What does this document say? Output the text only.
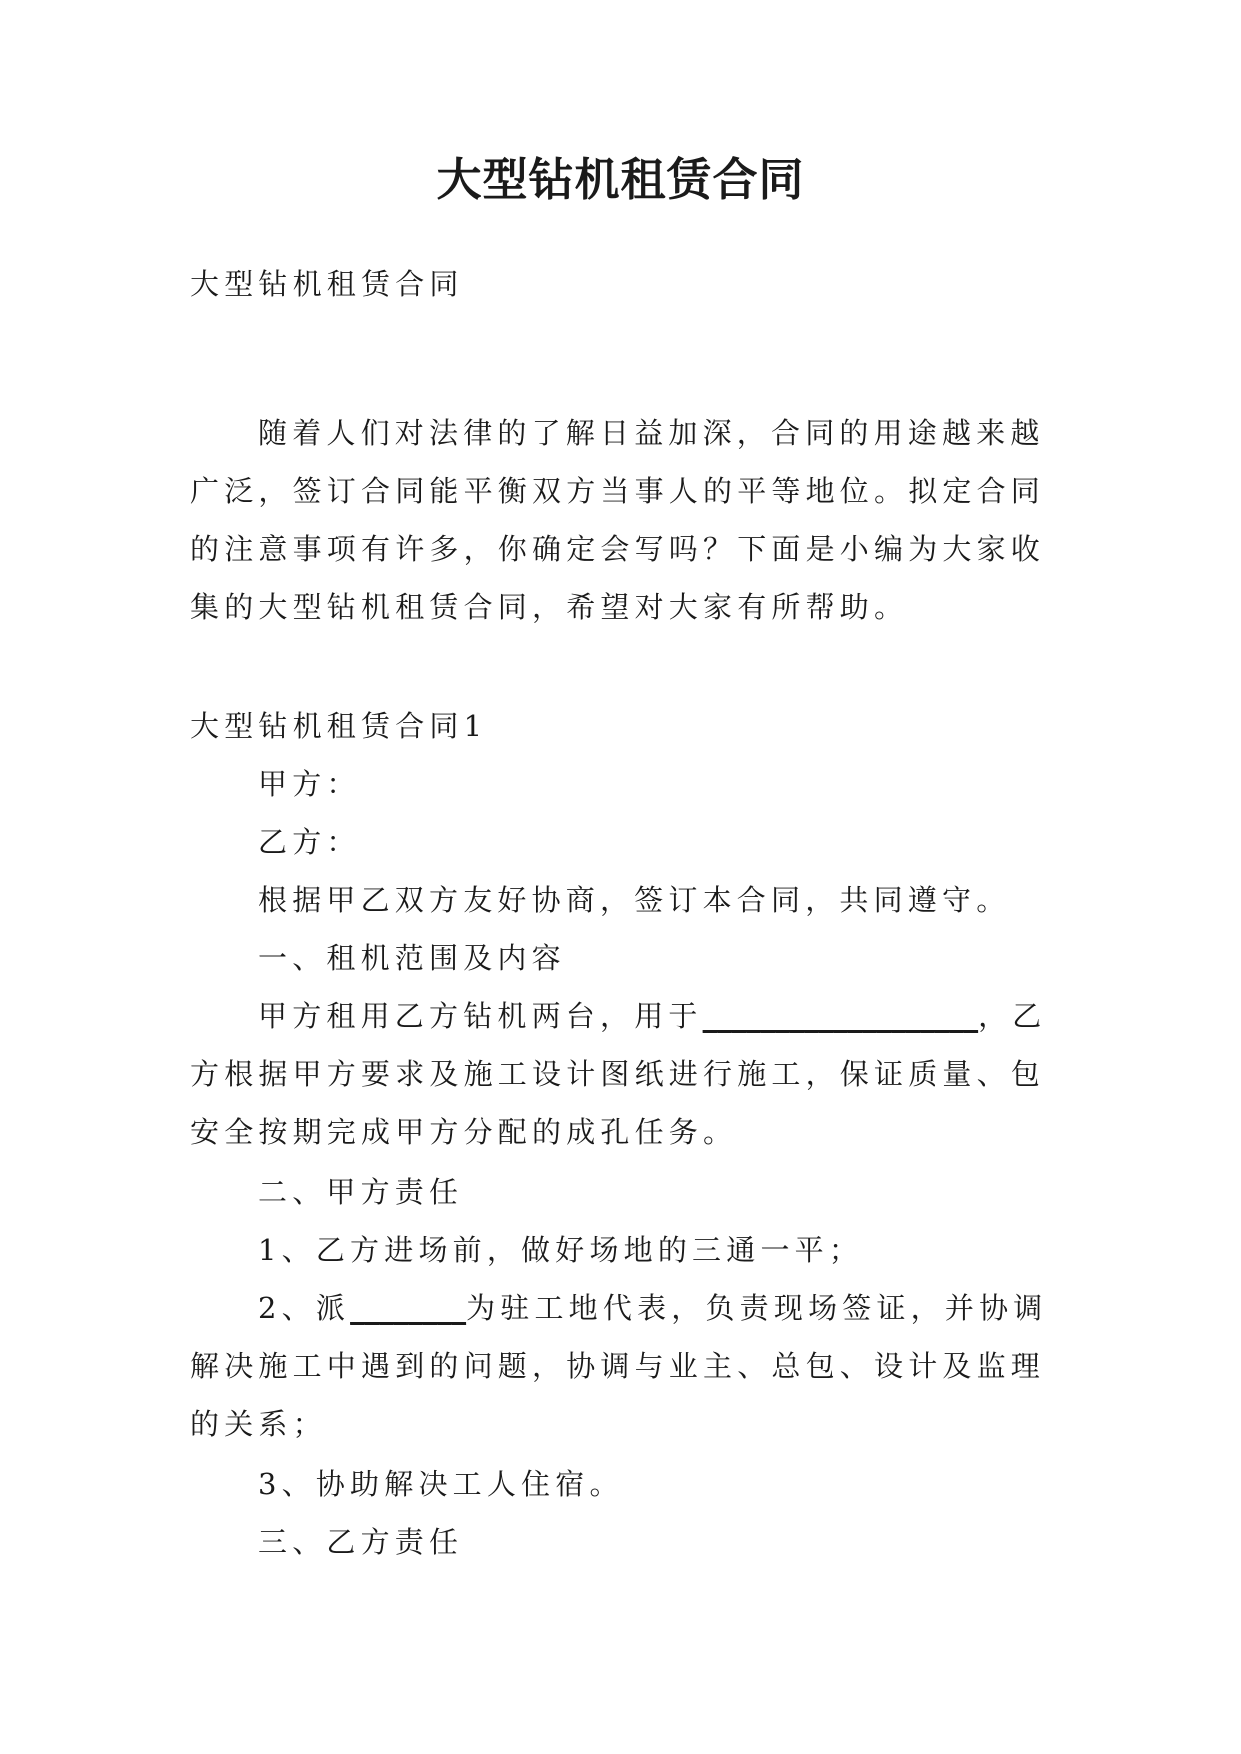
大型钻机租赁合同

大型钻机租赁合同

随着人们对法律的了解日益加深，合同的用途越来越广泛，签订合同能平衡双方当事人的平等地位。拟定合同的注意事项有许多，你确定会写吗？下面是小编为大家收集的大型钻机租赁合同，希望对大家有所帮助。

大型钻机租赁合同1

甲方：

乙方：

根据甲乙双方友好协商，签订本合同，共同遵守。

一、租机范围及内容

甲方租用乙方钻机两台，用于___________________，乙方根据甲方要求及施工设计图纸进行施工，保证质量、包安全按期完成甲方分配的成孔任务。

二、甲方责任

1、乙方进场前，做好场地的三通一平；

2、派________为驻工地代表，负责现场签证，并协调解决施工中遇到的问题，协调与业主、总包、设计及监理的关系；

3、协助解决工人住宿。

三、乙方责任
